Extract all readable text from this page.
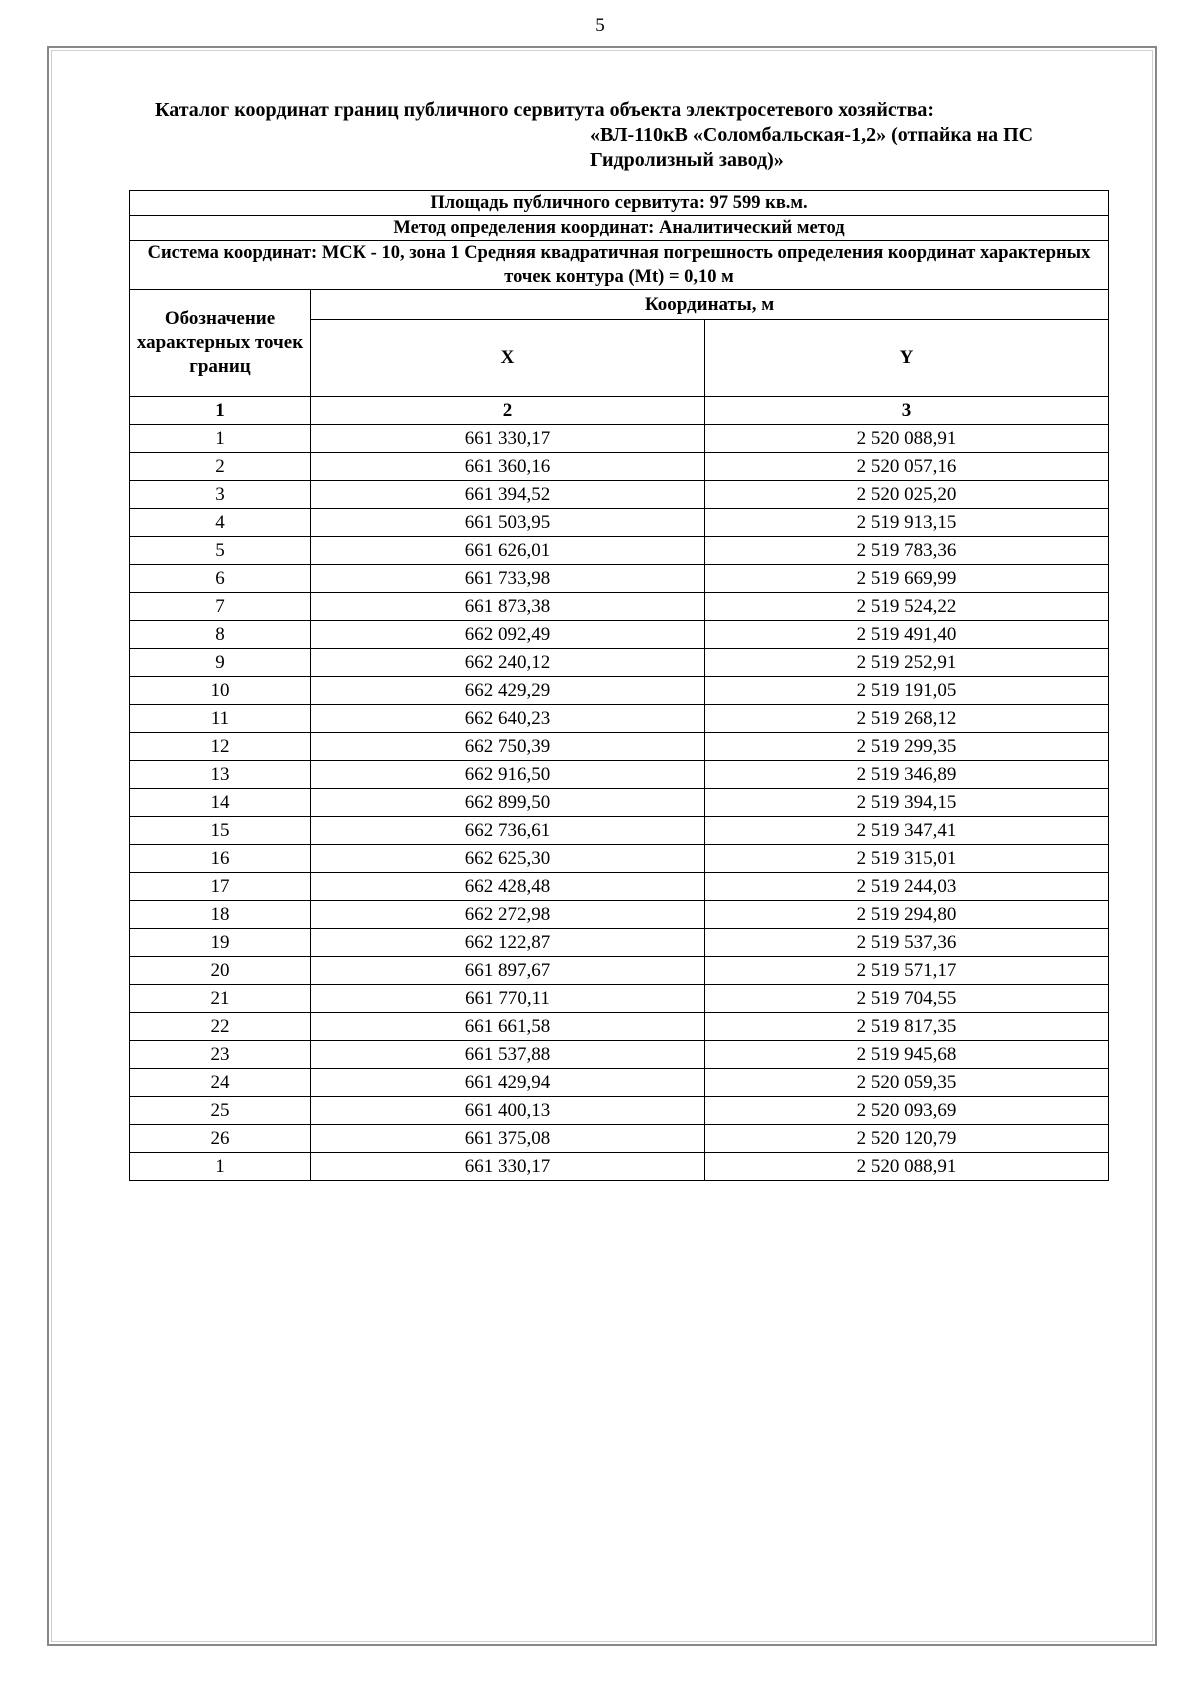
5
Каталог координат границ публичного сервитута объекта электросетевого хозяйства:
«ВЛ-110кВ «Соломбальская-1,2» (отпайка на ПС Гидролизный завод)»
Площадь публичного сервитута: 97 599 кв.м.		
Метод определения координат: Аналитический метод		
Система координат: МСК - 10, зона 1 Средняя квадратичная погрешность определения координат характерных точек контура (Mt) = 0,10 м		
Обозначение характерных точек границ	Координаты, м	
	X	Y
1	2	3
1	661 330,17	2 520 088,91
2	661 360,16	2 520 057,16
3	661 394,52	2 520 025,20
4	661 503,95	2 519 913,15
5	661 626,01	2 519 783,36
6	661 733,98	2 519 669,99
7	661 873,38	2 519 524,22
8	662 092,49	2 519 491,40
9	662 240,12	2 519 252,91
10	662 429,29	2 519 191,05
11	662 640,23	2 519 268,12
12	662 750,39	2 519 299,35
13	662 916,50	2 519 346,89
14	662 899,50	2 519 394,15
15	662 736,61	2 519 347,41
16	662 625,30	2 519 315,01
17	662 428,48	2 519 244,03
18	662 272,98	2 519 294,80
19	662 122,87	2 519 537,36
20	661 897,67	2 519 571,17
21	661 770,11	2 519 704,55
22	661 661,58	2 519 817,35
23	661 537,88	2 519 945,68
24	661 429,94	2 520 059,35
25	661 400,13	2 520 093,69
26	661 375,08	2 520 120,79
1	661 330,17	2 520 088,91
